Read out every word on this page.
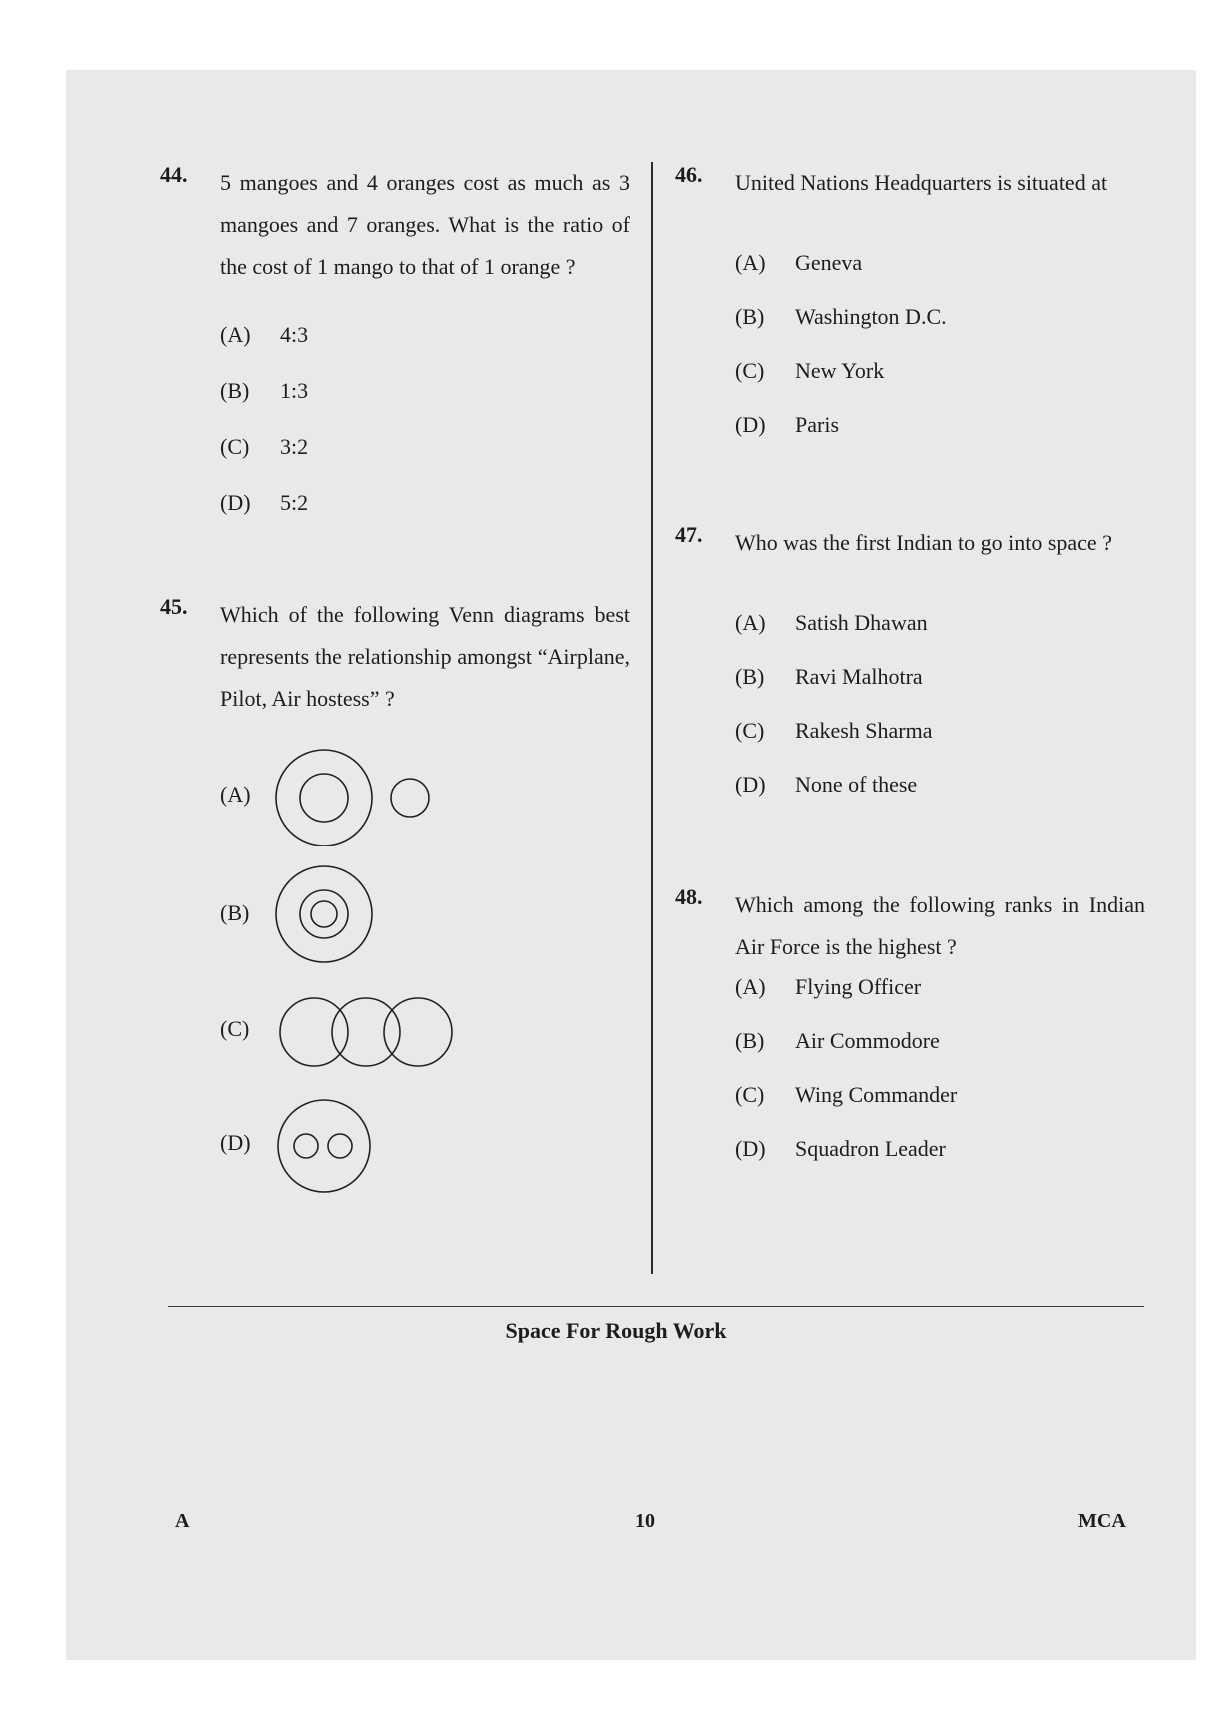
44. 5 mangoes and 4 oranges cost as much as 3 mangoes and 7 oranges. What is the ratio of the cost of 1 mango to that of 1 orange ?
(A) 4:3
(B) 1:3
(C) 3:2
(D) 5:2
45. Which of the following Venn diagrams best represents the relationship amongst “Airplane, Pilot, Air hostess” ?
(A)
(B)
(C)
(D)
46. United Nations Headquarters is situated at
(A) Geneva
(B) Washington D.C.
(C) New York
(D) Paris
47. Who was the first Indian to go into space ?
(A) Satish Dhawan
(B) Ravi Malhotra
(C) Rakesh Sharma
(D) None of these
48. Which among the following ranks in Indian Air Force is the highest ?
(A) Flying Officer
(B) Air Commodore
(C) Wing Commander
(D) Squadron Leader
Space For Rough Work
A	10	MCA
